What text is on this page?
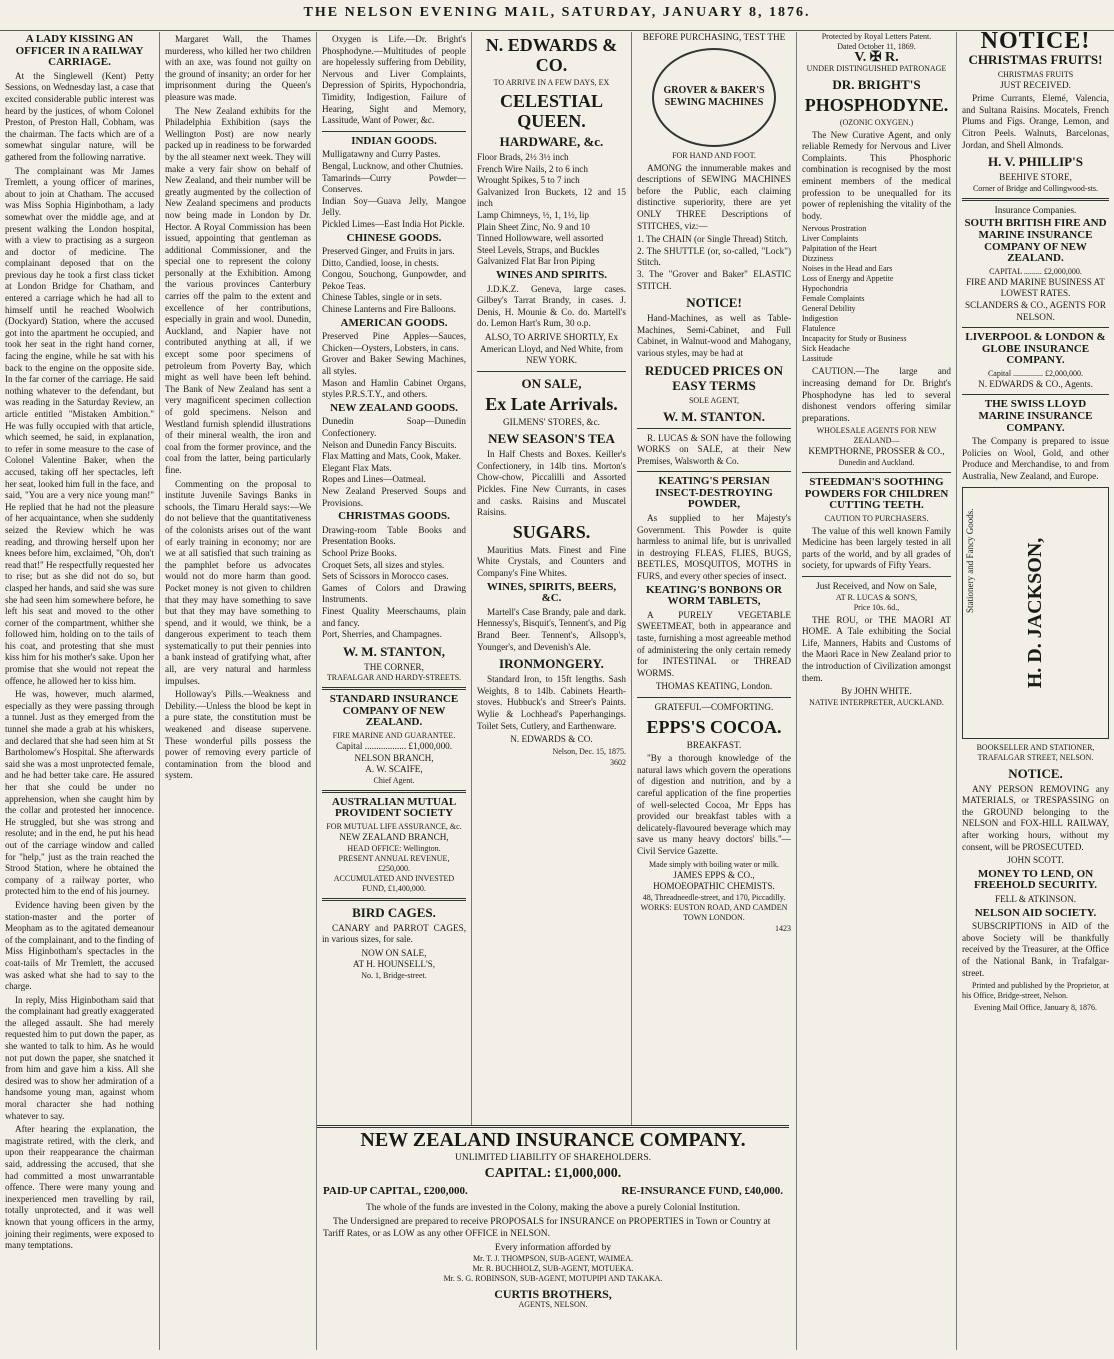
THE NELSON EVENING MAIL, SATURDAY, JANUARY 8, 1876.
A LADY KISSING AN OFFICER IN A RAILWAY CARRIAGE.

At the Singlewell (Kent) Petty Sessions, on Wednesday last, a case that excited considerable public interest was heard by the justices, of whom Colonel Preston, of Preston Hall, Cobham, was the chairman. The facts which are of a somewhat singular nature, will be gathered from the following narrative.

The complainant was Mr James Tremlett, a young officer of marines, about to join at Chatham. The accused was Miss Sophia Higinbotham, a lady somewhat over the middle age, and at present walking the London hospital, with a view to practising as a surgeon and doctor of medicine. The complainant deposed that on the previous day he took a first class ticket at London Bridge for Chatham, and entered a carriage which he had all to himself until he reached Woolwich (Dockyard) Station, where the accused got into the apartment he occupied, and took her seat in the right hand corner, facing the engine, while he sat with his back to the engine on the opposite side. In the far corner of the carriage. He said nothing whatever to the defendant, but was reading in the Saturday Review, an article entitled "Mistaken Ambition." He was fully occupied with that article, which seemed, he said, in explanation, to refer in some measure to the case of Colonel Valentine Baker, when the accused, taking off her spectacles, left her seat, looked him full in the face, and said, "You are a very nice young man!" He replied that he had not the pleasure of her acquaintance, when she suddenly seized the Review which he was reading, and throwing herself upon her knees before him, exclaimed, "Oh, don't read that!" He respectfully requested her to rise; but as she did not do so, but clasped her hands, and said she was sure she had seen him somewhere before, he left his seat and moved to the other corner of the compartment, whither she followed him, holding on to the tails of his coat, and protesting that she must kiss him for his mother's sake. Upon her promise that she would not repeat the offence, he allowed her to kiss him.

He was, however, much alarmed, especially as they were passing through a tunnel. Just as they emerged from the tunnel she made a grab at his whiskers, and declared that she had seen him at St Bartholomew's Hospital. She afterwards said she was a most unprotected female, and he had better take care. He assured her that she could be under no apprehension, when she caught him by the collar and protested her innocence. He struggled, but she was strong and resolute; and in the end, he put his head out of the carriage window and called for "help," just as the train reached the Strood Station, where he obtained the company of a railway porter, who protected him to the end of his journey.

Evidence having been given by the station-master and the porter of Meopham as to the agitated demeanour of the complainant, and to the finding of Miss Higinbotham's spectacles in the coat-tails of Mr Tremlett, the accused was asked what she had to say to the charge.

In reply, Miss Higinbotham said that the complainant had greatly exaggerated the alleged assault. She had merely requested him to put down the paper, as she wanted to talk to him. As he would not put down the paper, she snatched it from him and gave him a kiss. All she desired was to show her admiration of a handsome young man, against whom moral character she had nothing whatever to say.

After hearing the explanation, the magistrate retired, with the clerk, and upon their reappearance the chairman said, addressing the accused, that she had committed a most unwarrantable offence. There were many young and inexperienced men travelling by rail, totally unprotected, and it was well known that young officers in the army, joining their regiments, were exposed to many temptations.

Margaret Wall, the Thames murderess, who killed her two children with an axe, was found not guilty on the ground of insanity; an order for her imprisonment during the Queen's pleasure was made.

The New Zealand exhibits for the Philadelphia Exhibition (says the Wellington Post) are now nearly packed up in readiness to be forwarded by the all steamer next week. They will make a very fair show on behalf of New Zealand, and their number will be greatly augmented by the collection of New Zealand specimens and products now being made in London by Dr. Hector. A Royal Commission has been issued, appointing that gentleman as additional Commissioner, and the special one to represent the colony personally at the Exhibition. Among the various provinces Canterbury carries off the palm to the extent and excellence of her contributions, especially in grain and wool. Dunedin, Auckland, and Napier have not contributed anything at all, if we except some poor specimens of petroleum from Poverty Bay, which might as well have been left behind. The Bank of New Zealand has sent a very magnificent specimen collection of gold specimens. Nelson and Westland furnish splendid illustrations of their mineral wealth, the iron and coal from the former province, and the coal from the latter, being particularly fine.

Commenting on the proposal to institute Juvenile Savings Banks in schools, the Timaru Herald says:—We do not believe that the quantitativeness of the colonists arises out of the want of early training in economy; nor are we at all satisfied that such training as the pamphlet before us advocates would not do more harm than good. Pocket money is not given to children that they may have something to save but that they may have something to spend, and it would, we think, be a dangerous experiment to teach them systematically to put their pennies into a bank instead of gratifying what, after all, are very natural and harmless impulses.

Holloway's Pills.—Weakness and Debility.—Unless the blood be kept in a pure state, the constitution must be weakened and disease supervene. These wonderful pills possess the power of removing every particle of contamination from the blood and system.

Oxygen is Life.—Dr. Bright's Phosphodyne.—Multitudes of people are hopelessly suffering from Debility, Nervous and Liver Complaints, Depression of Spirits, Hypochondria, Timidity, Indigestion, Failure of Hearing, Sight and Memory, Lassitude, Want of Power, &c.

INDIAN GOODS.
Mulligatawny and Curry Pastes.
Bengal, Lucknow, and other Chutnies.
Tamarinds—Curry Powder—Conserves.
Indian Soy—Guava Jelly, Mangoe Jelly.
Pickled Limes—East India Hot Pickle.
CHINESE GOODS.
Preserved Ginger, and Fruits in jars.
Ditto, Candied, loose, in chests.
Congou, Souchong, Gunpowder, and Pekoe Teas.
Chinese Tables, single or in sets.
Chinese Lanterns and Fire Balloons.
AMERICAN GOODS.
Preserved Pine Apples—Sauces, Chicken—Oysters, Lobsters, in cans.
Grover and Baker Sewing Machines, all styles.
Mason and Hamlin Cabinet Organs, styles P.R.S.T.Y., and others.
NEW ZEALAND GOODS.
Dunedin Soap—Dunedin Confectionery.
Nelson and Dunedin Fancy Biscuits.
Flax Matting and Mats, Cook, Maker.
Elegant Flax Mats.
Ropes and Lines—Oatmeal.
New Zealand Preserved Soups and Provisions.
CHRISTMAS GOODS.
Drawing-room Table Books and Presentation Books.
School Prize Books.
Croquet Sets, all sizes and styles.
Sets of Scissors in Morocco cases.
Games of Colors and Drawing Instruments.
Finest Quality Meerschaums, plain and fancy.
Port, Sherries, and Champagnes.
W. M. STANTON,
THE CORNER,
TRAFALGAR AND HARDY-STREETS.
STANDARD INSURANCE COMPANY OF NEW ZEALAND.
FIRE MARINE AND GUARANTEE.
Capital .................. £1,000,000.
NELSON BRANCH,
A. W. SCAIFE,
Chief Agent.
AUSTRALIAN MUTUAL PROVIDENT SOCIETY
FOR MUTUAL LIFE ASSURANCE, &c.
NEW ZEALAND BRANCH,
HEAD OFFICE: Wellington.
PRESENT ANNUAL REVENUE, £250,000.
ACCUMULATED AND INVESTED FUND, £1,400,000.
BIRD CAGES.

CANARY and PARROT CAGES, in various sizes, for sale.

NOW ON SALE,
AT H. HOUNSELL'S,
No. 1, Bridge-street.
N. EDWARDS & CO.
TO ARRIVE IN A FEW DAYS, EX
CELESTIAL QUEEN.
HARDWARE, &c.
Floor Brads, 2½ 3½ inch
French Wire Nails, 2 to 6 inch
Wrought Spikes, 5 to 7 inch
Galvanized Iron Buckets, 12 and 15 inch
Lamp Chimneys, ½, 1, 1½, lip
Plain Sheet Zinc, No. 9 and 10
Tinned Hollowware, well assorted
Steel Levels, Straps, and Buckles
Galvanized Flat Bar Iron Piping
WINES AND SPIRITS.

J.D.K.Z. Geneva, large cases. Gilbey's Tarrat Brandy, in cases. J. Denis, H. Mounie & Co. do. Martell's do. Lemon Hart's Rum, 30 o.p.

ALSO, TO ARRIVE SHORTLY, Ex American Lloyd, and Ned White, from NEW YORK.
ON SALE,
Ex Late Arrivals.
GILMENS' STORES, &c.
NEW SEASON'S TEA

In Half Chests and Boxes. Keiller's Confectionery, in 14lb tins. Morton's Chow-chow, Piccalilli and Assorted Pickles. Fine New Currants, in cases and casks. Raisins and Muscatel Raisins.

SUGARS.

Mauritius Mats. Finest and Fine White Crystals, and Counters and Company's Fine Whites.

WINES, SPIRITS, BEERS, &C.

Martell's Case Brandy, pale and dark. Hennessy's, Bisquit's, Tennent's, and Pig Brand Beer. Tennent's, Allsopp's, Younger's, and Devenish's Ale.

IRONMONGERY.

Standard Iron, to 15ft lengths. Sash Weights, 8 to 14lb. Cabinets Hearth-stoves. Hubbuck's and Streer's Paints. Wylie & Lochhead's Paperhangings. Toilet Sets, Cutlery, and Earthenware.

N. EDWARDS & CO.
Nelson, Dec. 15, 1875.
3602
BEFORE PURCHASING, TEST THE
GROVER & BAKER'S SEWING MACHINES
FOR HAND AND FOOT.

AMONG the innumerable makes and descriptions of SEWING MACHINES before the Public, each claiming distinctive superiority, there are yet ONLY THREE Descriptions of STITCHES, viz:—

1. The CHAIN (or Single Thread) Stitch.
2. The SHUTTLE (or, so-called, "Lock") Stitch.
3. The "Grover and Baker" ELASTIC STITCH.
NOTICE!

Hand-Machines, as well as Table-Machines, Semi-Cabinet, and Full Cabinet, in Walnut-wood and Mahogany, various styles, may be had at

REDUCED PRICES ON EASY TERMS
SOLE AGENT,
W. M. STANTON.

R. LUCAS & SON have the following WORKS on SALE, at their New Premises, Walsworth & Co.

KEATING'S PERSIAN INSECT-DESTROYING POWDER,

As supplied to her Majesty's Government. This Powder is quite harmless to animal life, but is unrivalled in destroying FLEAS, FLIES, BUGS, BEETLES, MOSQUITOS, MOTHS in FURS, and every other species of insect.

KEATING'S BONBONS OR WORM TABLETS,

A PURELY VEGETABLE SWEETMEAT, both in appearance and taste, furnishing a most agreeable method of administering the only certain remedy for INTESTINAL or THREAD WORMS.

THOMAS KEATING, London.
GRATEFUL—COMFORTING.
EPPS'S COCOA.
BREAKFAST.

"By a thorough knowledge of the natural laws which govern the operations of digestion and nutrition, and by a careful application of the fine properties of well-selected Cocoa, Mr Epps has provided our breakfast tables with a delicately-flavoured beverage which may save us many heavy doctors' bills."—Civil Service Gazette.

Made simply with boiling water or milk.
JAMES EPPS & CO., HOMOEOPATHIC CHEMISTS.
48, Threadneedle-street, and 170, Piccadilly.
WORKS: EUSTON ROAD, AND CAMDEN TOWN LONDON.
1423
Protected by Royal Letters Patent.
Dated October 11, 1869.
V. ✠ R.
UNDER DISTINGUISHED PATRONAGE
DR. BRIGHT'S
PHOSPHODYNE.
(OZONIC OXYGEN.)

The New Curative Agent, and only reliable Remedy for Nervous and Liver Complaints. This Phosphoric combination is recognised by the most eminent members of the medical profession to be unequalled for its power of replenishing the vitality of the body.

Nervous Prostration
Liver Complaints
Palpitation of the Heart
Dizziness
Noises in the Head and Ears
Loss of Energy and Appetite
Hypochondria
Female Complaints
General Debility
Indigestion
Flatulence
Incapacity for Study or Business
Sick Headache
Lassitude

CAUTION.—The large and increasing demand for Dr. Bright's Phosphodyne has led to several dishonest vendors offering similar preparations.

WHOLESALE AGENTS FOR NEW ZEALAND—
KEMPTHORNE, PROSSER & CO.,
Dunedin and Auckland.
STEEDMAN'S SOOTHING POWDERS FOR CHILDREN CUTTING TEETH.
CAUTION TO PURCHASERS.

The value of this well known Family Medicine has been largely tested in all parts of the world, and by all grades of society, for upwards of Fifty Years.

Just Received, and Now on Sale,
AT R. LUCAS & SON'S,
Price 10s. 6d.,

THE ROU, or THE MAORI AT HOME. A Tale exhibiting the Social Life, Manners, Habits and Customs of the Maori Race in New Zealand prior to the introduction of Civilization amongst them.

By JOHN WHITE.
NATIVE INTERPRETER, AUCKLAND.
NOTICE!
CHRISTMAS FRUITS!
CHRISTMAS FRUITS
JUST RECEIVED.

Prime Currants, Elemé, Valencia, and Sultana Raisins. Mocatels, French Plums and Figs. Orange, Lemon, and Citron Peels. Walnuts, Barcelonas, Jordan, and Shell Almonds.

H. V. PHILLIP'S
BEEHIVE STORE,
Corner of Bridge and Collingwood-sts.
Insurance Companies.
SOUTH BRITISH FIRE AND MARINE INSURANCE COMPANY OF NEW ZEALAND.
CAPITAL ......... £2,000,000.
FIRE AND MARINE BUSINESS AT LOWEST RATES.
SCLANDERS & CO., AGENTS FOR NELSON.
LIVERPOOL & LONDON & GLOBE INSURANCE COMPANY.
Capital ............... £2,000,000.
N. EDWARDS & CO., Agents.
THE SWISS LLOYD MARINE INSURANCE COMPANY.

The Company is prepared to issue Policies on Wool, Gold, and other Produce and Merchandise, to and from Australia, New Zealand, and Europe.

Stationery and Fancy Goods. H. D. JACKSON,
BOOKSELLER AND STATIONER, TRAFALGAR STREET, NELSON.
NOTICE.

ANY PERSON REMOVING any MATERIALS, or TRESPASSING on the GROUND belonging to the NELSON and FOX-HILL RAILWAY, after working hours, without my consent, will be PROSECUTED.

JOHN SCOTT.
MONEY TO LEND, ON FREEHOLD SECURITY.
FELL & ATKINSON.
NELSON AID SOCIETY.

SUBSCRIPTIONS in AID of the above Society will be thankfully received by the Treasurer, at the Office of the National Bank, in Trafalgar-street.

Printed and published by the Proprietor, at his Office, Bridge-street, Nelson.

Evening Mail Office, January 8, 1876.
NEW ZEALAND INSURANCE COMPANY.
UNLIMITED LIABILITY OF SHAREHOLDERS.
CAPITAL: £1,000,000.
PAID-UP CAPITAL, £200,000.	RE-INSURANCE FUND, £40,000.
The whole of the funds are invested in the Colony, making the above a purely Colonial Institution.

The Undersigned are prepared to receive PROPOSALS for INSURANCE on PROPERTIES in Town or Country at Tariff Rates, or as LOW as any other OFFICE in NELSON.

Every information afforded by
Mr. T. J. THOMPSON, SUB-AGENT, WAIMEA.
Mr. R. BUCHHOLZ, SUB-AGENT, MOTUEKA.
Mr. S. G. ROBINSON, SUB-AGENT, MOTUPIPI AND TAKAKA.
CURTIS BROTHERS,
AGENTS, NELSON.
